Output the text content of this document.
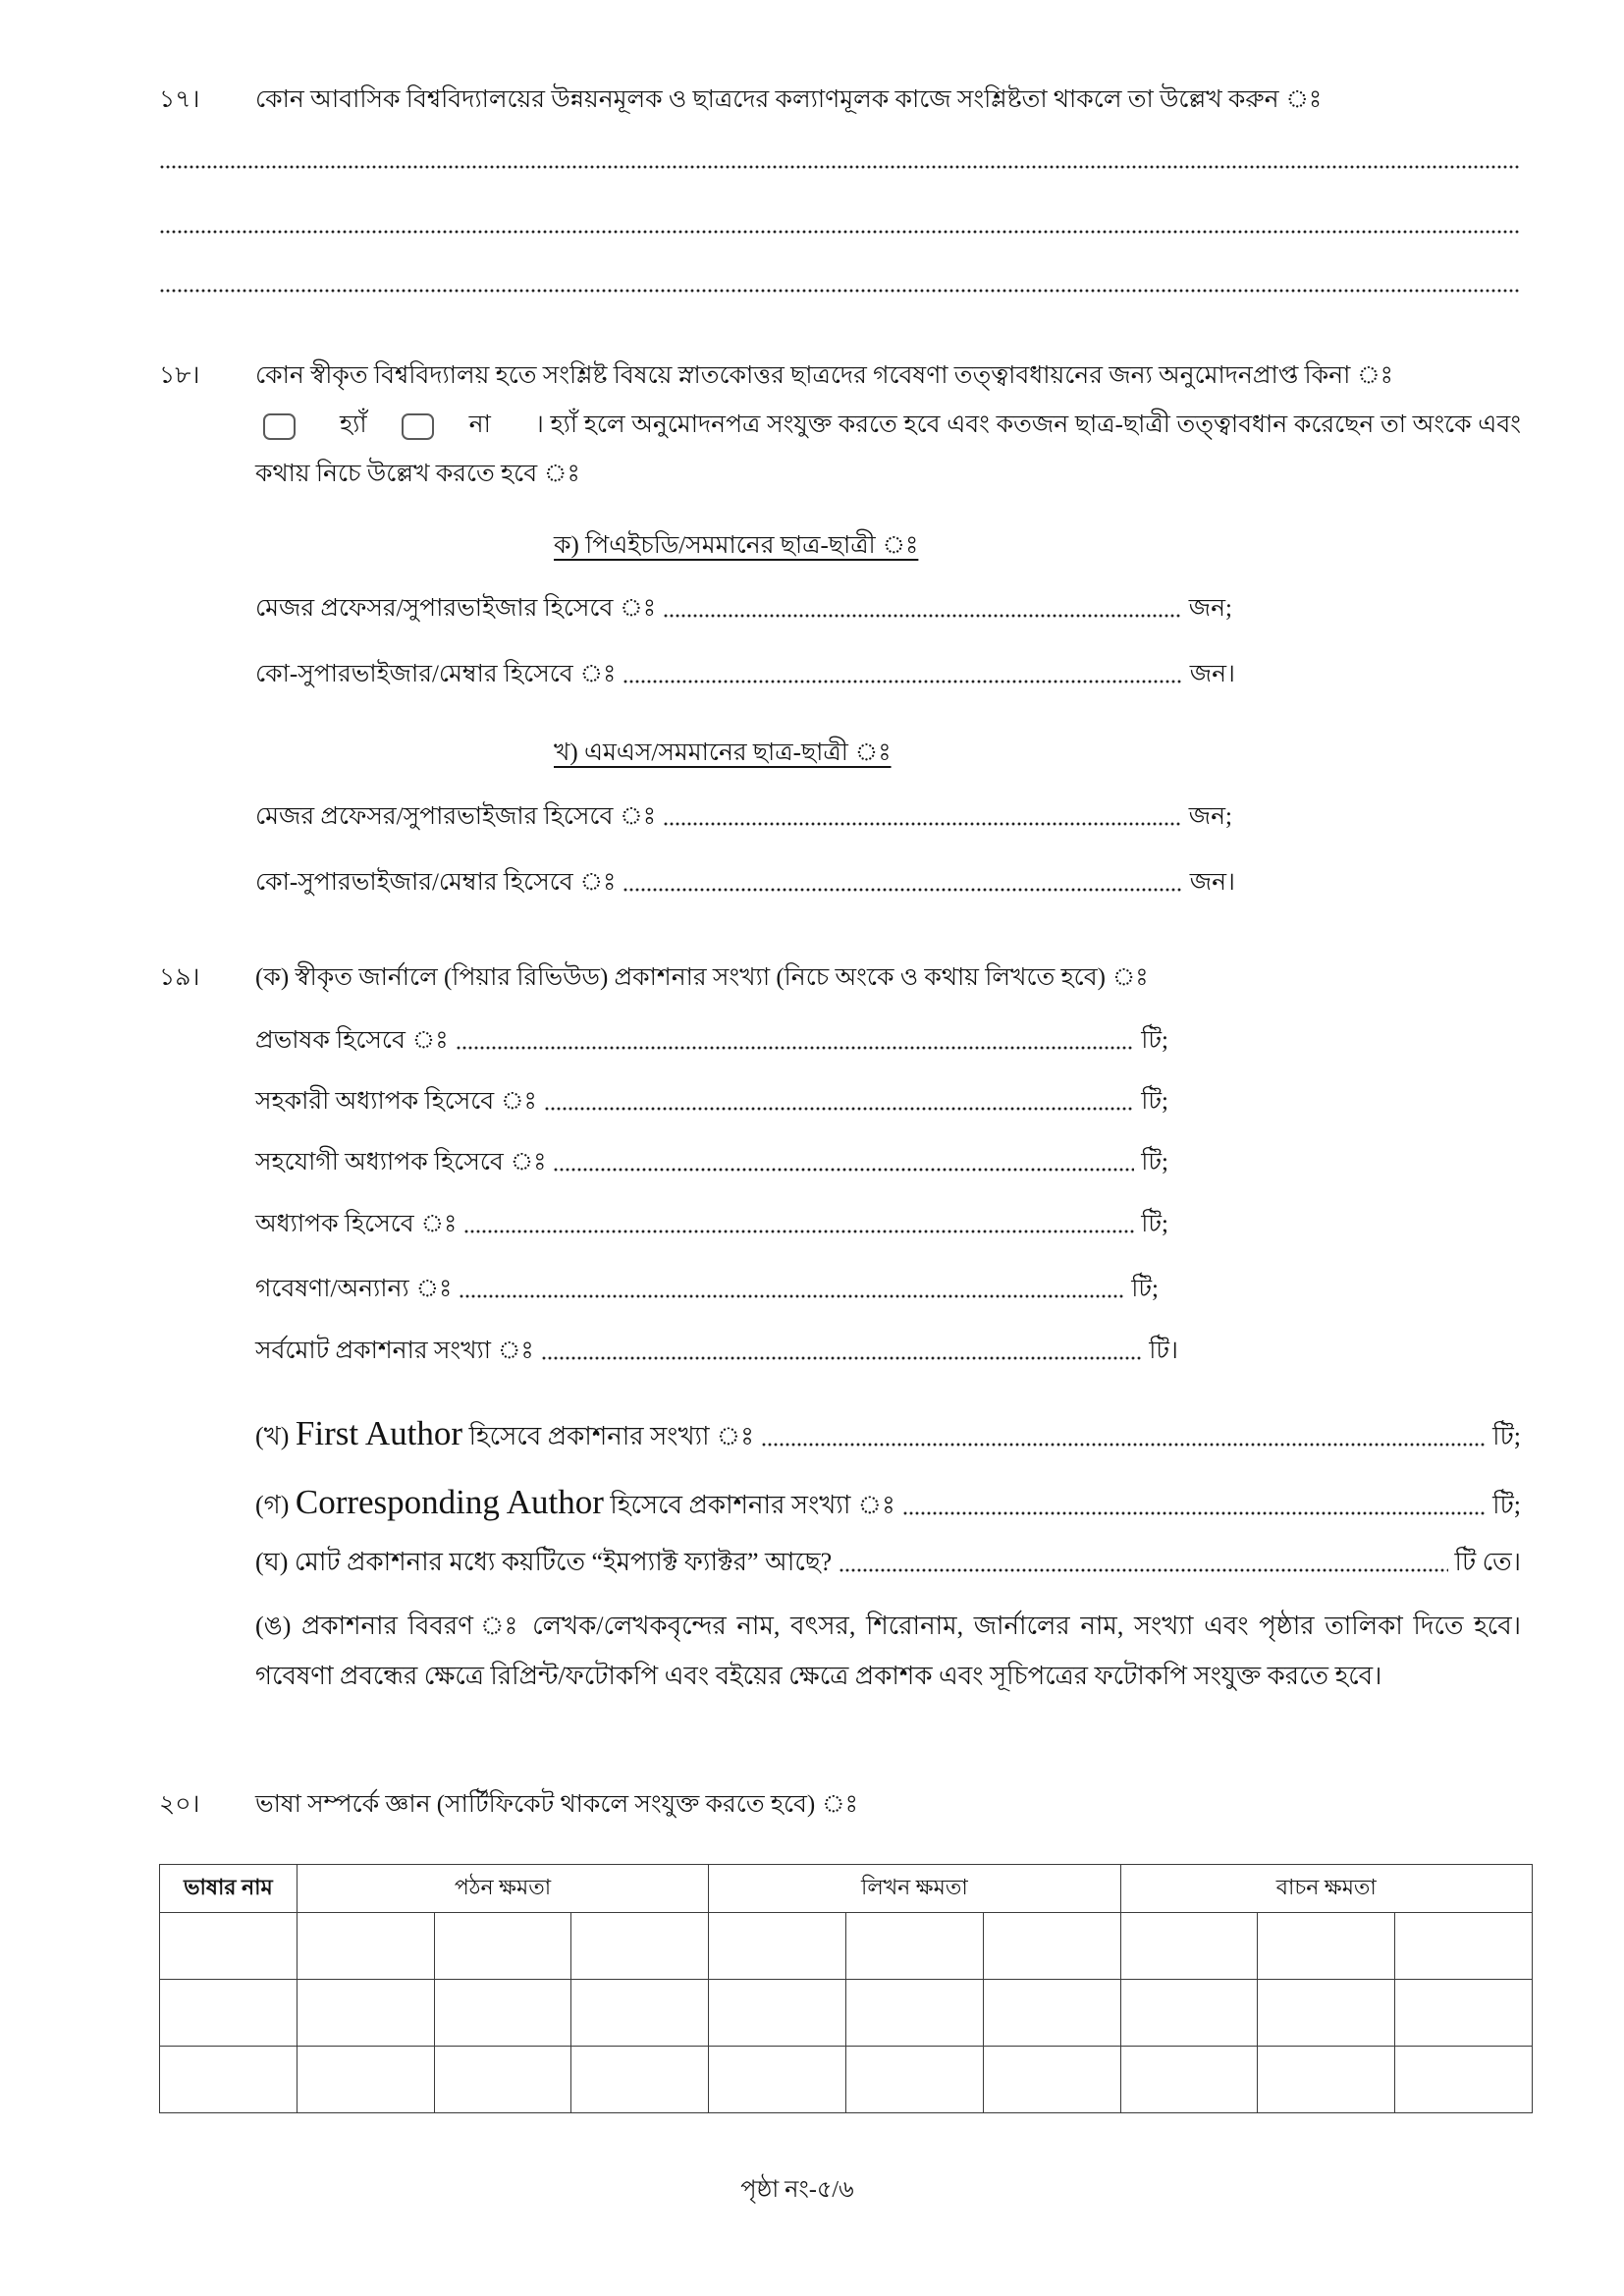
১৭। কোন আবাসিক বিশ্ববিদ্যালয়ের উন্নয়নমূলক ও ছাত্রদের কল্যাণমূলক কাজে সংশ্লিষ্টতা থাকলে তা উল্লেখ করুন ঃ
১৮। কোন স্বীকৃত বিশ্ববিদ্যালয় হতে সংশ্লিষ্ট বিষয়ে স্নাতকোত্তর ছাত্রদের গবেষণা তত্ত্বাবধায়নের জন্য অনুমোদনপ্রাপ্ত কিনা ঃ
হ্যাঁ	না । হ্যাঁ হলে অনুমোদনপত্র সংযুক্ত করতে হবে এবং কতজন ছাত্র-ছাত্রী তত্ত্বাবধান করেছেন তা অংকে এবং কথায় নিচে উল্লেখ করতে হবে ঃ
ক) পিএইচডি/সমমানের ছাত্র-ছাত্রী ঃ
মেজর প্রফেসর/সুপারভাইজার হিসেবে ঃ
	জন;
কো-সুপারভাইজার/মেম্বার হিসেবে ঃ
	জন।
খ) এমএস/সমমানের ছাত্র-ছাত্রী ঃ
মেজর প্রফেসর/সুপারভাইজার হিসেবে ঃ
	জন;
কো-সুপারভাইজার/মেম্বার হিসেবে ঃ
	জন।
১৯। (ক) স্বীকৃত জার্নালে (পিয়ার রিভিউড) প্রকাশনার সংখ্যা (নিচে অংকে ও কথায় লিখতে হবে) ঃ
প্রভাষক হিসেবে ঃ
	টি;
সহকারী অধ্যাপক হিসেবে ঃ
	টি;
সহযোগী অধ্যাপক হিসেবে ঃ
	টি;
অধ্যাপক হিসেবে ঃ
	টি;
গবেষণা/অন্যান্য ঃ
	টি;
সর্বমোট প্রকাশনার সংখ্যা ঃ
	টি।
(খ) First Author হিসেবে প্রকাশনার সংখ্যা ঃ
	টি;
(গ) Corresponding Author হিসেবে প্রকাশনার সংখ্যা ঃ
	টি;
(ঘ) মোট প্রকাশনার মধ্যে কয়টিতে “ইমপ্যাক্ট ফ্যাক্টর” আছে?
	টি তে।
(ঙ) প্রকাশনার বিবরণ ঃ লেখক/লেখকবৃন্দের নাম, বৎসর, শিরোনাম, জার্নালের নাম, সংখ্যা এবং পৃষ্ঠার তালিকা দিতে হবে। গবেষণা প্রবন্ধের ক্ষেত্রে রিপ্রিন্ট/ফটোকপি এবং বইয়ের ক্ষেত্রে প্রকাশক এবং সূচিপত্রের ফটোকপি সংযুক্ত করতে হবে।
২০। ভাষা সম্পর্কে জ্ঞান (সার্টিফিকেট থাকলে সংযুক্ত করতে হবে) ঃ
ভাষার নাম	পঠন ক্ষমতা			লিখন ক্ষমতা			বাচন ক্ষমতা		

পৃষ্ঠা নং-৫/৬
